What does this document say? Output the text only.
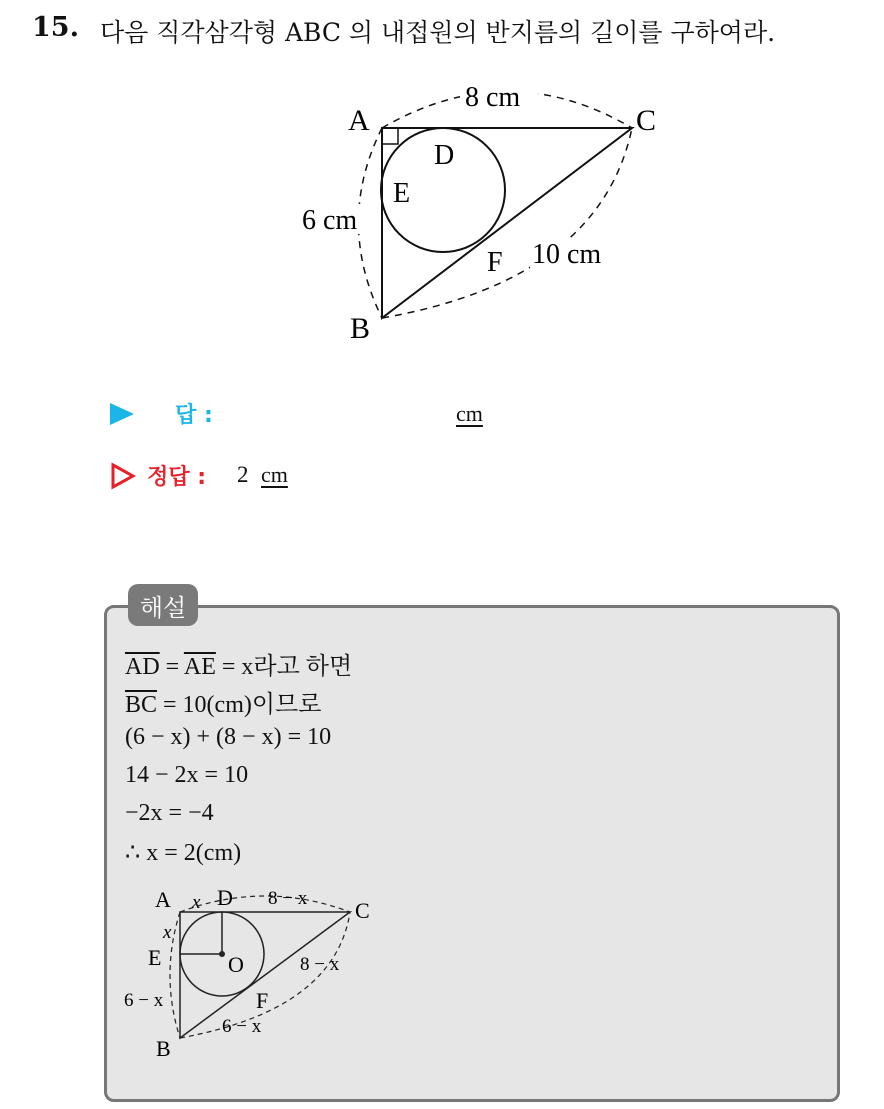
15. 다음 직각삼각형 ABC 의 내접원의 반지름의 길이를 구하여라.
A	C
B
D
E
F
8 cm
6 cm
10 cm
답 :	cm
정답 : 2 cm
해설
$\overline{AD} = \overline{AE} = x$라고 하면
$\overline{BC} = 10(cm)$이므로
(6 − x) + (8 − x) = 10
14 − 2x = 10
−2x = −4
∴ x = 2(cm)
A D
C
E	O
F
B
x
x
8 − x
6 − x
8 − x
6 − x
